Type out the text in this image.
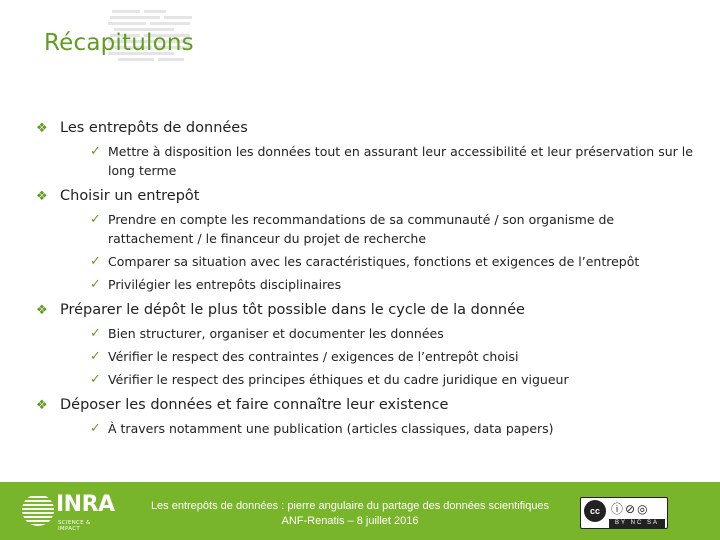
Récapitulons
❖ Les entrepôts de données
✓ Mettre à disposition les données tout en assurant leur accessibilité et leur préservation sur le long terme
❖ Choisir un entrepôt
✓ Prendre en compte les recommandations de sa communauté / son organisme de rattachement / le financeur du projet de recherche
✓ Comparer sa situation avec les caractéristiques, fonctions et exigences de l’entrepôt
✓ Privilégier les entrepôts disciplinaires
❖ Préparer le dépôt le plus tôt possible dans le cycle de la donnée
✓ Bien structurer, organiser et documenter les données
✓ Vérifier le respect des contraintes / exigences de l’entrepôt choisi
✓ Vérifier le respect des principes éthiques et du cadre juridique en vigueur
❖ Déposer les données et faire connaître leur existence
✓ À travers notamment une publication (articles classiques, data papers)
INRA
SCIENCE & IMPACT
Les entrepôts de données : pierre angulaire du partage des données scientifiques
ANF-Renatis – 8 juillet 2016
cc ⓘ⊘◎
BY NC SA
